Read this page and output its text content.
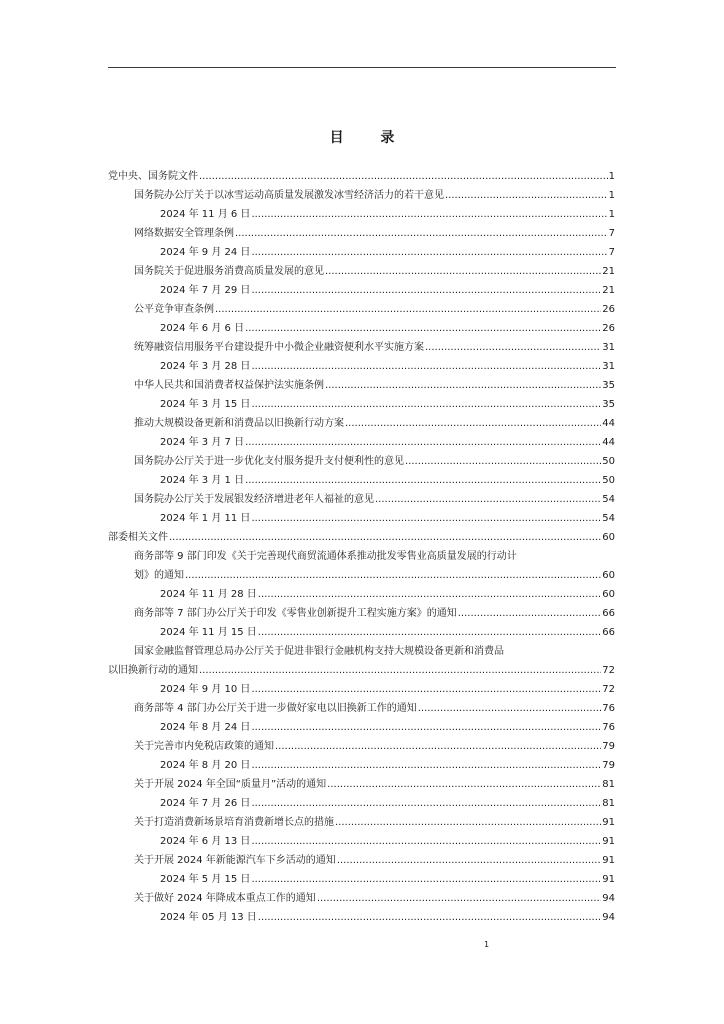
目 录
党中央、国务院文件 .....	1
国务院办公厅关于以冰雪运动高质量发展激发冰雪经济活力的若干意见 .....	1
2024 年 11 月 6 日 .....	1
网络数据安全管理条例 .....	7
2024 年 9 月 24 日 .....	7
国务院关于促进服务消费高质量发展的意见 .....	21
2024 年 7 月 29 日 .....	21
公平竞争审查条例 .....	26
2024 年 6 月 6 日 .....	26
统筹融资信用服务平台建设提升中小微企业融资便利水平实施方案 .....	31
2024 年 3 月 28 日 .....	31
中华人民共和国消费者权益保护法实施条例 .....	35
2024 年 3 月 15 日 .....	35
推动大规模设备更新和消费品以旧换新行动方案 .....	44
2024 年 3 月 7 日 .....	44
国务院办公厅关于进一步优化支付服务提升支付便利性的意见 .....	50
2024 年 3 月 1 日 .....	50
国务院办公厅关于发展银发经济增进老年人福祉的意见 .....	54
2024 年 1 月 11 日 .....	54
部委相关文件 .....	60
商务部等 9 部门印发《关于完善现代商贸流通体系推动批发零售业高质量发展的行动计
划》的通知 .....	60
2024 年 11 月 28 日 .....	60
商务部等 7 部门办公厅关于印发《零售业创新提升工程实施方案》的通知 .....	66
2024 年 11 月 15 日 .....	66
国家金融监督管理总局办公厅关于促进非银行金融机构支持大规模设备更新和消费品
以旧换新行动的通知 .....	72
2024 年 9 月 10 日 .....	72
商务部等 4 部门办公厅关于进一步做好家电以旧换新工作的通知 .....	76
2024 年 8 月 24 日 .....	76
关于完善市内免税店政策的通知 .....	79
2024 年 8 月 20 日 .....	79
关于开展 2024 年全国“质量月”活动的通知 .....	81
2024 年 7 月 26 日 .....	81
关于打造消费新场景培育消费新增长点的措施 .....	91
2024 年 6 月 13 日 .....	91
关于开展 2024 年新能源汽车下乡活动的通知 .....	91
2024 年 5 月 15 日 .....	91
关于做好 2024 年降成本重点工作的通知 .....	94
2024 年 05 月 13 日 .....	94
1
